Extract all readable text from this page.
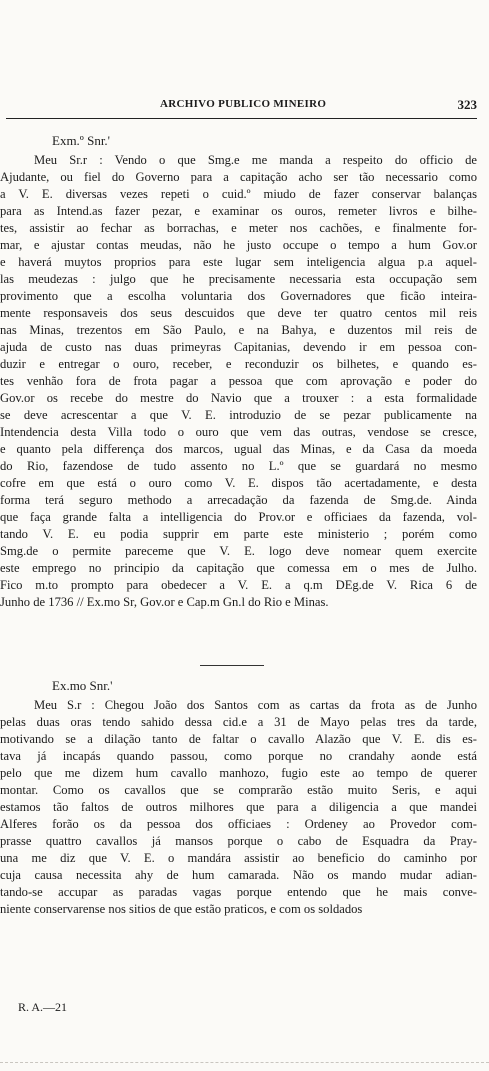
ARCHIVO PUBLICO MINEIRO	323
Exm.º Snr.'
Meu Sr.r : Vendo o que Smg.e me manda a respeito do officio de
Ajudante, ou fiel do Governo para a capitação acho ser tão necessario como
a V. E. diversas vezes repeti o cuid.º miudo de fazer conservar balanças
para as Intend.as fazer pezar, e examinar os ouros, remeter livros e bilhe-
tes, assistir ao fechar as borrachas, e meter nos cachões, e finalmente for-
mar, e ajustar contas meudas, não he justo occupe o tempo a hum Gov.or
e haverá muytos proprios para este lugar sem inteligencia algua p.a aquel-
las meudezas : julgo que he precisamente necessaria esta occupação sem
provimento que a escolha voluntaria dos Governadores que ficão inteira-
mente responsaveis dos seus descuidos que deve ter quatro centos mil reis
nas Minas, trezentos em São Paulo, e na Bahya, e duzentos mil reis de
ajuda de custo nas duas primeyras Capitanias, devendo ir em pessoa con-
duzir e entregar o ouro, receber, e reconduzir os bilhetes, e quando es-
tes venhão fora de frota pagar a pessoa que com aprovação e poder do
Gov.or os recebe do mestre do Navio que a trouxer : a esta formalidade
se deve acrescentar a que V. E. introduzio de se pezar publicamente na
Intendencia desta Villa todo o ouro que vem das outras, vendose se cresce,
e quanto pela differença dos marcos, ugual das Minas, e da Casa da moeda
do Rio, fazendose de tudo assento no L.º que se guardará no mesmo
cofre em que está o ouro como V. E. dispos tão acertadamente, e desta
forma terá seguro methodo a arrecadação da fazenda de Smg.de. Ainda
que faça grande falta a intelligencia do Prov.or e officiaes da fazenda, vol-
tando V. E. eu podia supprir em parte este ministerio ; porém como
Smg.de o permite pareceme que V. E. logo deve nomear quem exercite
este emprego no principio da capitação que comessa em o mes de Julho.
Fico m.to prompto para obedecer a V. E. a q.m DEg.de V. Rica 6 de
Junho de 1736 // Ex.mo Sr, Gov.or e Cap.m Gn.l do Rio e Minas.
Ex.mo Snr.'
Meu S.r : Chegou João dos Santos com as cartas da frota as de Junho
pelas duas oras tendo sahido dessa cid.e a 31 de Mayo pelas tres da tarde,
motivando se a dilação tanto de faltar o cavallo Alazão que V. E. dis es-
tava já incapás quando passou, como porque no crandahy aonde está
pelo que me dizem hum cavallo manhozo, fugio este ao tempo de querer
montar. Como os cavallos que se comprarão estão muito Seris, e aqui
estamos tão faltos de outros milhores que para a diligencia a que mandei
Alferes forão os da pessoa dos officiaes : Ordeney ao Provedor com-
prasse quattro cavallos já mansos porque o cabo de Esquadra da Pray-
una me diz que V. E. o mandára assistir ao beneficio do caminho por
cuja causa necessita ahy de hum camarada. Não os mando mudar adian-
tando-se accupar as paradas vagas porque entendo que he mais conve-
niente conservarense nos sitios de que estão praticos, e com os soldados
R. A.—21
